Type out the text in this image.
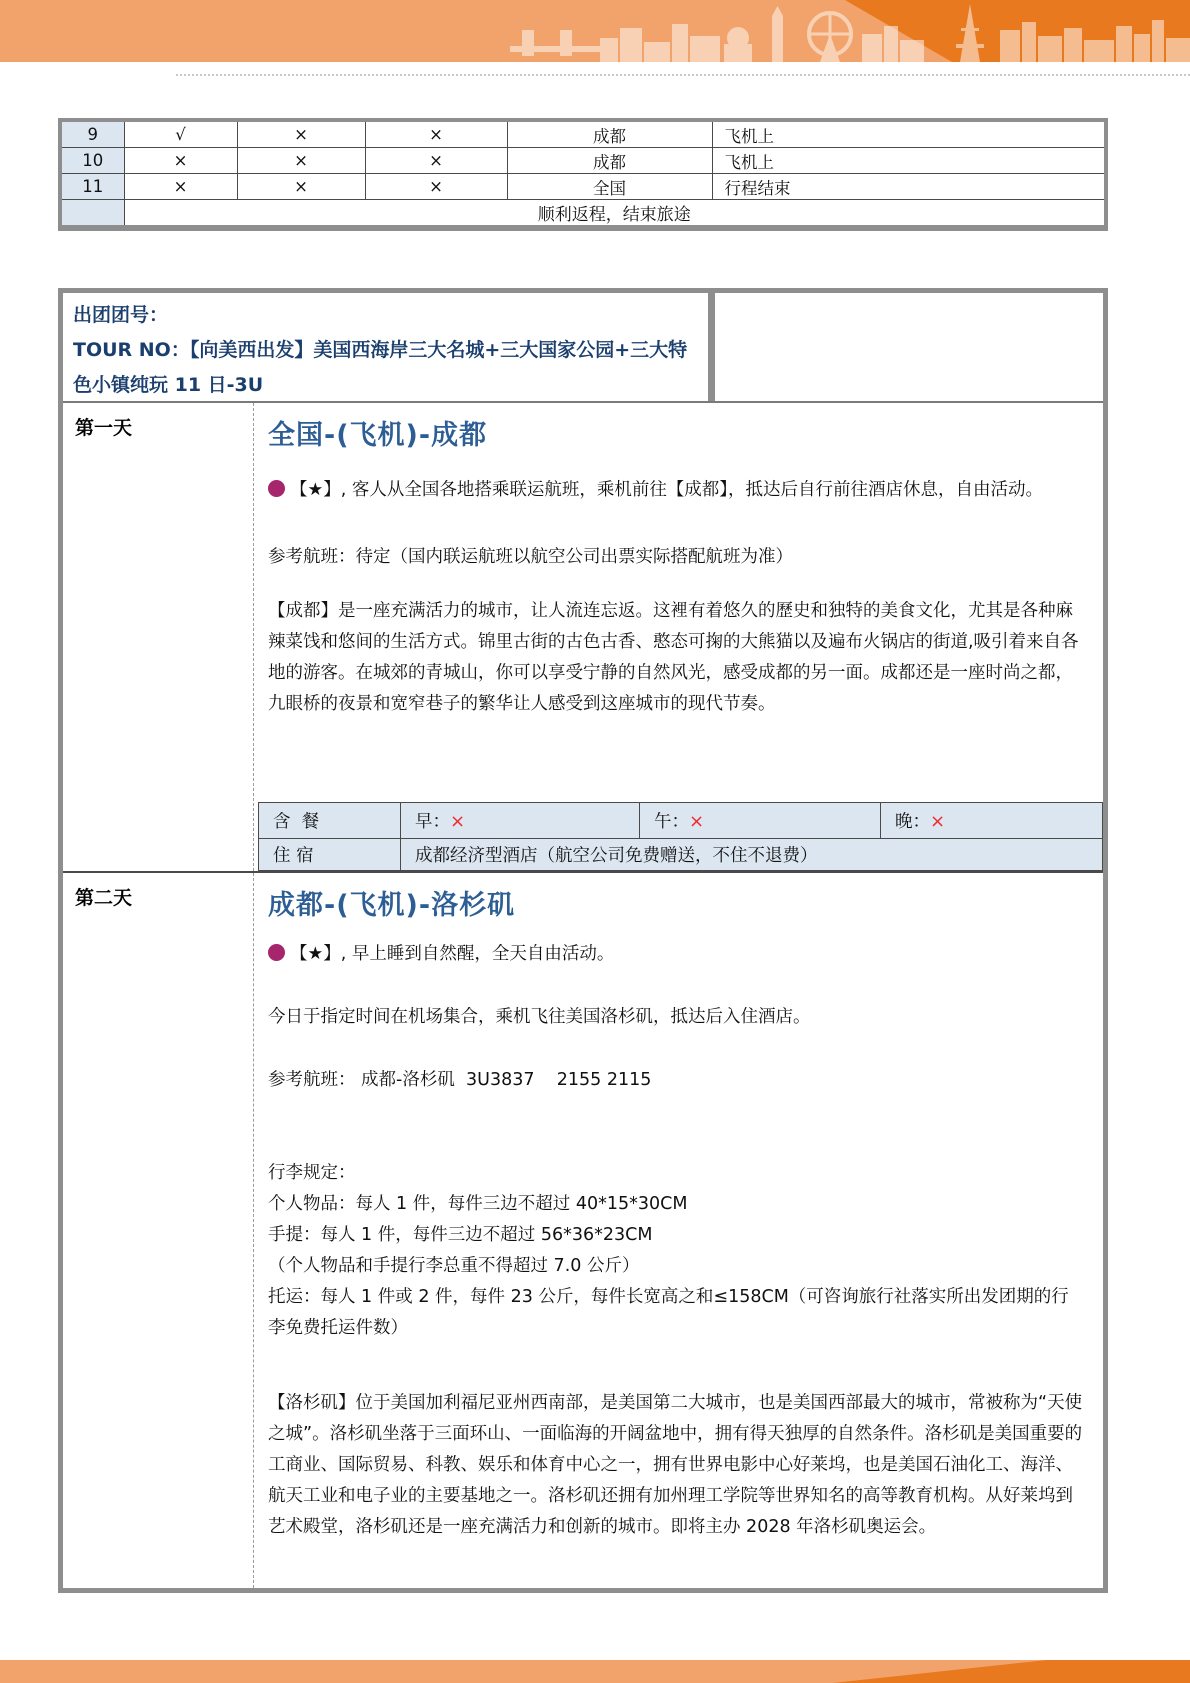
9	√	×	×	成都	飞机上
10	×	×	×	成都	飞机上
11	×	×	×	全国	行程结束
	顺利返程，结束旅途				
出团团号：
TOUR NO：【向美西出发】美国西海岸三大名城+三大国家公园+三大特色小镇纯玩 11 日-3U
第一天	全国-(飞机)-成都
【★】, 客人从全国各地搭乘联运航班，乘机前往【成都】，抵达后自行前往酒店休息，自由活动。
参考航班：待定（国内联运航班以航空公司出票实际搭配航班为准）
【成都】是一座充满活力的城市，让人流连忘返。这裡有着悠久的歷史和独特的美食文化，尤其是各种麻辣菜饯和悠间的生活方式。锦里古街的古色古香、憨态可掬的大熊猫以及遍布火锅店的街道,吸引着来自各地的游客。在城郊的青城山，你可以享受宁静的自然风光，感受成都的另一面。成都还是一座时尚之都，九眼桥的夜景和宽窄巷子的繁华让人感受到这座城市的现代节奏。
含  餐	早：×	午：×	晚：×
住 宿	成都经济型酒店（航空公司免费赠送，不住不退费）		
第二天	成都-(飞机)-洛杉矶
【★】, 早上睡到自然醒，全天自由活动。
今日于指定时间在机场集合，乘机飞往美国洛杉矶，抵达后入住酒店。
参考航班： 成都-洛杉矶  3U3837    2155 2115
行李规定：
个人物品：每人 1 件，每件三边不超过 40*15*30CM
手提：每人 1 件，每件三边不超过 56*36*23CM
（个人物品和手提行李总重不得超过 7.0 公斤）
托运：每人 1 件或 2 件，每件 23 公斤，每件长宽高之和≤158CM（可咨询旅行社落实所出发团期的行李免费托运件数）
【洛杉矶】位于美国加利福尼亚州西南部，是美国第二大城市，也是美国西部最大的城市，常被称为“天使之城”。洛杉矶坐落于三面环山、一面临海的开阔盆地中，拥有得天独厚的自然条件。洛杉矶是美国重要的工商业、国际贸易、科教、娱乐和体育中心之一，拥有世界电影中心好莱坞，也是美国石油化工、海洋、航天工业和电子业的主要基地之一。洛杉矶还拥有加州理工学院等世界知名的高等教育机构。从好莱坞到艺术殿堂，洛杉矶还是一座充满活力和创新的城市。即将主办 2028 年洛杉矶奥运会。
